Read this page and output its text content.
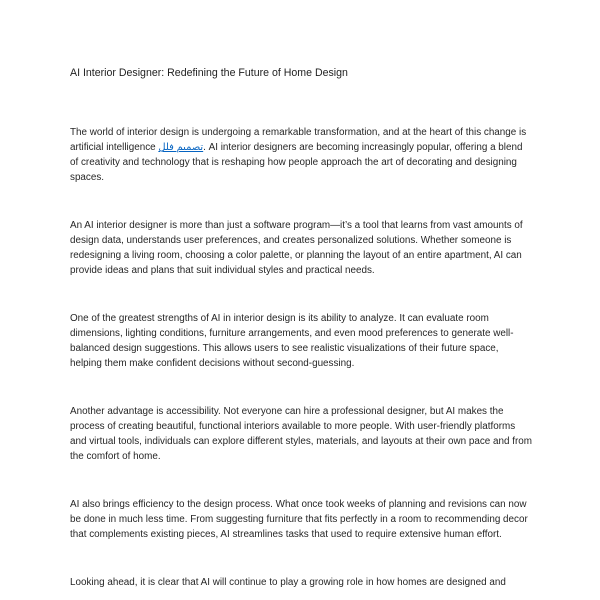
AI Interior Designer: Redefining the Future of Home Design

The world of interior design is undergoing a remarkable transformation, and at the heart of this change is artificial intelligence تصميم فلل. AI interior designers are becoming increasingly popular, offering a blend of creativity and technology that is reshaping how people approach the art of decorating and designing spaces.

An AI interior designer is more than just a software program—it’s a tool that learns from vast amounts of design data, understands user preferences, and creates personalized solutions. Whether someone is redesigning a living room, choosing a color palette, or planning the layout of an entire apartment, AI can provide ideas and plans that suit individual styles and practical needs.

One of the greatest strengths of AI in interior design is its ability to analyze. It can evaluate room dimensions, lighting conditions, furniture arrangements, and even mood preferences to generate well-balanced design suggestions. This allows users to see realistic visualizations of their future space, helping them make confident decisions without second-guessing.

Another advantage is accessibility. Not everyone can hire a professional designer, but AI makes the process of creating beautiful, functional interiors available to more people. With user-friendly platforms and virtual tools, individuals can explore different styles, materials, and layouts at their own pace and from the comfort of home.

AI also brings efficiency to the design process. What once took weeks of planning and revisions can now be done in much less time. From suggesting furniture that fits perfectly in a room to recommending decor that complements existing pieces, AI streamlines tasks that used to require extensive human effort.

Looking ahead, it is clear that AI will continue to play a growing role in how homes are designed and
